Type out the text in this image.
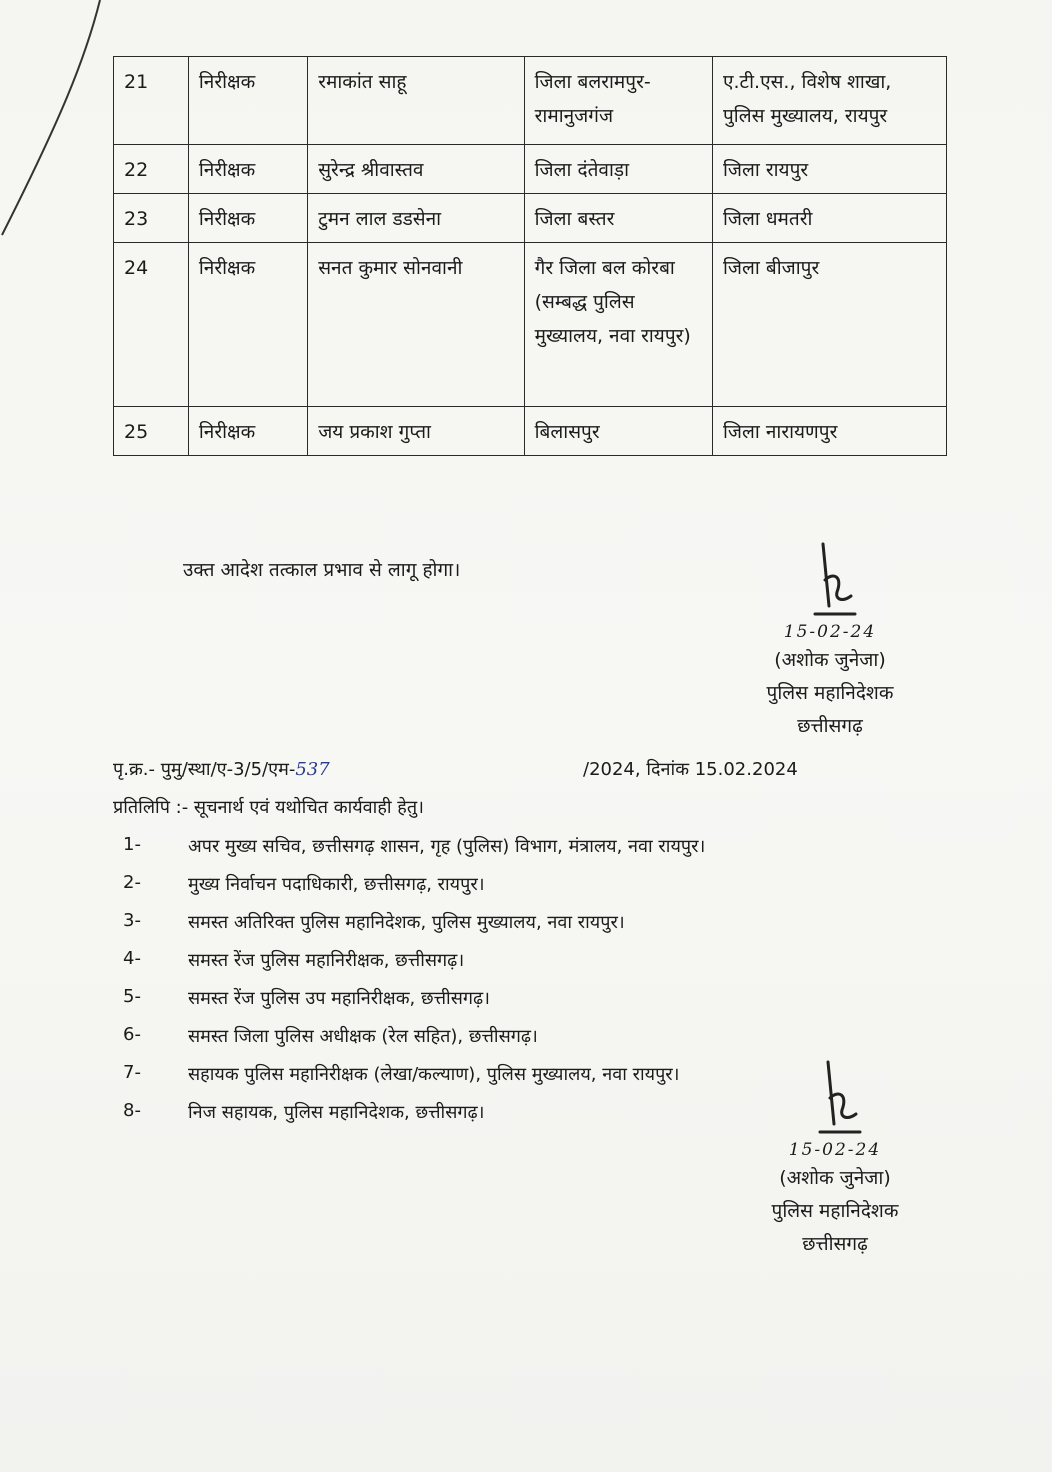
21	निरीक्षक	रमाकांत साहू	जिला बलरामपुर-रामानुजगंज	ए.टी.एस., विशेष शाखा, पुलिस मुख्यालय, रायपुर
22	निरीक्षक	सुरेन्द्र श्रीवास्तव	जिला दंतेवाड़ा	जिला रायपुर
23	निरीक्षक	टुमन लाल डडसेना	जिला बस्तर	जिला धमतरी
24	निरीक्षक	सनत कुमार सोनवानी	गैर जिला बल कोरबा (सम्बद्ध पुलिस मुख्यालय, नवा रायपुर)	जिला बीजापुर
25	निरीक्षक	जय प्रकाश गुप्ता	बिलासपुर	जिला नारायणपुर
उक्त आदेश तत्काल प्रभाव से लागू होगा।
15-02-24
(अशोक जुनेजा)
पुलिस महानिदेशक
छत्तीसगढ़
पृ.क्र.- पुमु/स्था/ए-3/5/एम-537	/2024, दिनांक 15.02.2024
प्रतिलिपि :- सूचनार्थ एवं यथोचित कार्यवाही हेतु।
1-	अपर मुख्य सचिव, छत्तीसगढ़ शासन, गृह (पुलिस) विभाग, मंत्रालय, नवा रायपुर।
2-	मुख्य निर्वाचन पदाधिकारी, छत्तीसगढ़, रायपुर।
3-	समस्त अतिरिक्त पुलिस महानिदेशक, पुलिस मुख्यालय, नवा रायपुर।
4-	समस्त रेंज पुलिस महानिरीक्षक, छत्तीसगढ़।
5-	समस्त रेंज पुलिस उप महानिरीक्षक, छत्तीसगढ़।
6-	समस्त जिला पुलिस अधीक्षक (रेल सहित), छत्तीसगढ़।
7-	सहायक पुलिस महानिरीक्षक (लेखा/कल्याण), पुलिस मुख्यालय, नवा रायपुर।
8-	निज सहायक, पुलिस महानिदेशक, छत्तीसगढ़।
15-02-24
(अशोक जुनेजा)
पुलिस महानिदेशक
छत्तीसगढ़
